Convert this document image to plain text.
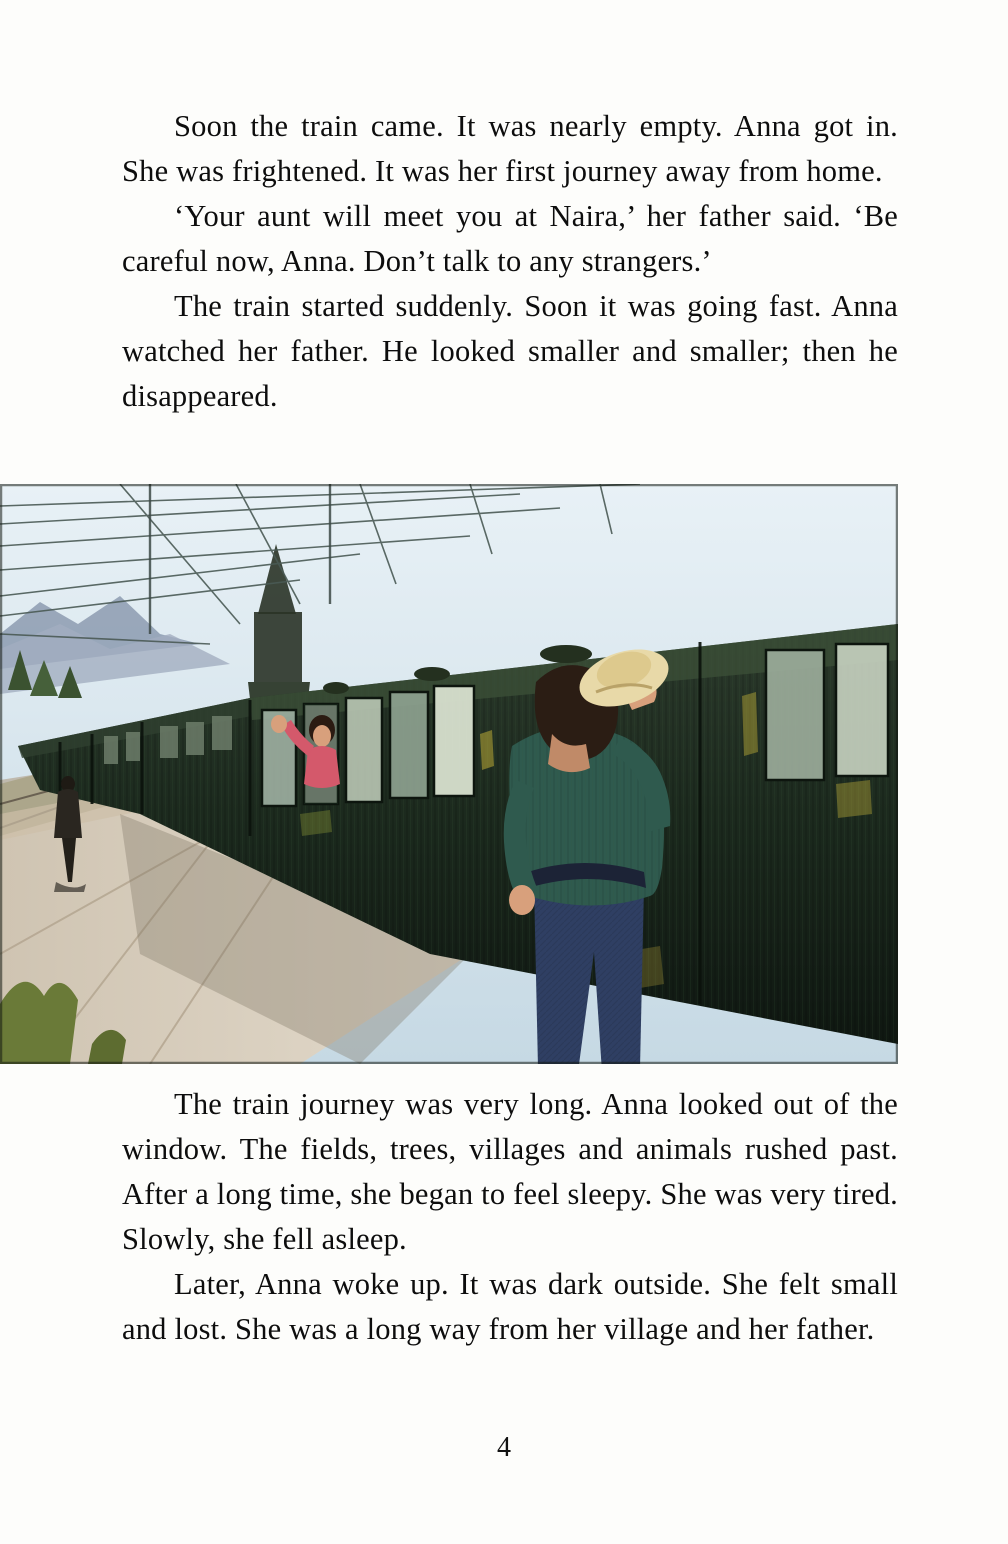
Soon the train came. It was nearly empty. Anna got in. She was frightened. It was her first journey away from home.

‘Your aunt will meet you at Naira,’ her father said. ‘Be careful now, Anna. Don’t talk to any strangers.’

The train started suddenly. Soon it was going fast. Anna watched her father. He looked smaller and smaller; then he disappeared.

The train journey was very long. Anna looked out of the window. The fields, trees, villages and animals rushed past. After a long time, she began to feel sleepy. She was very tired. Slowly, she fell asleep.

Later, Anna woke up. It was dark outside. She felt small and lost. She was a long way from her village and her father.

4
